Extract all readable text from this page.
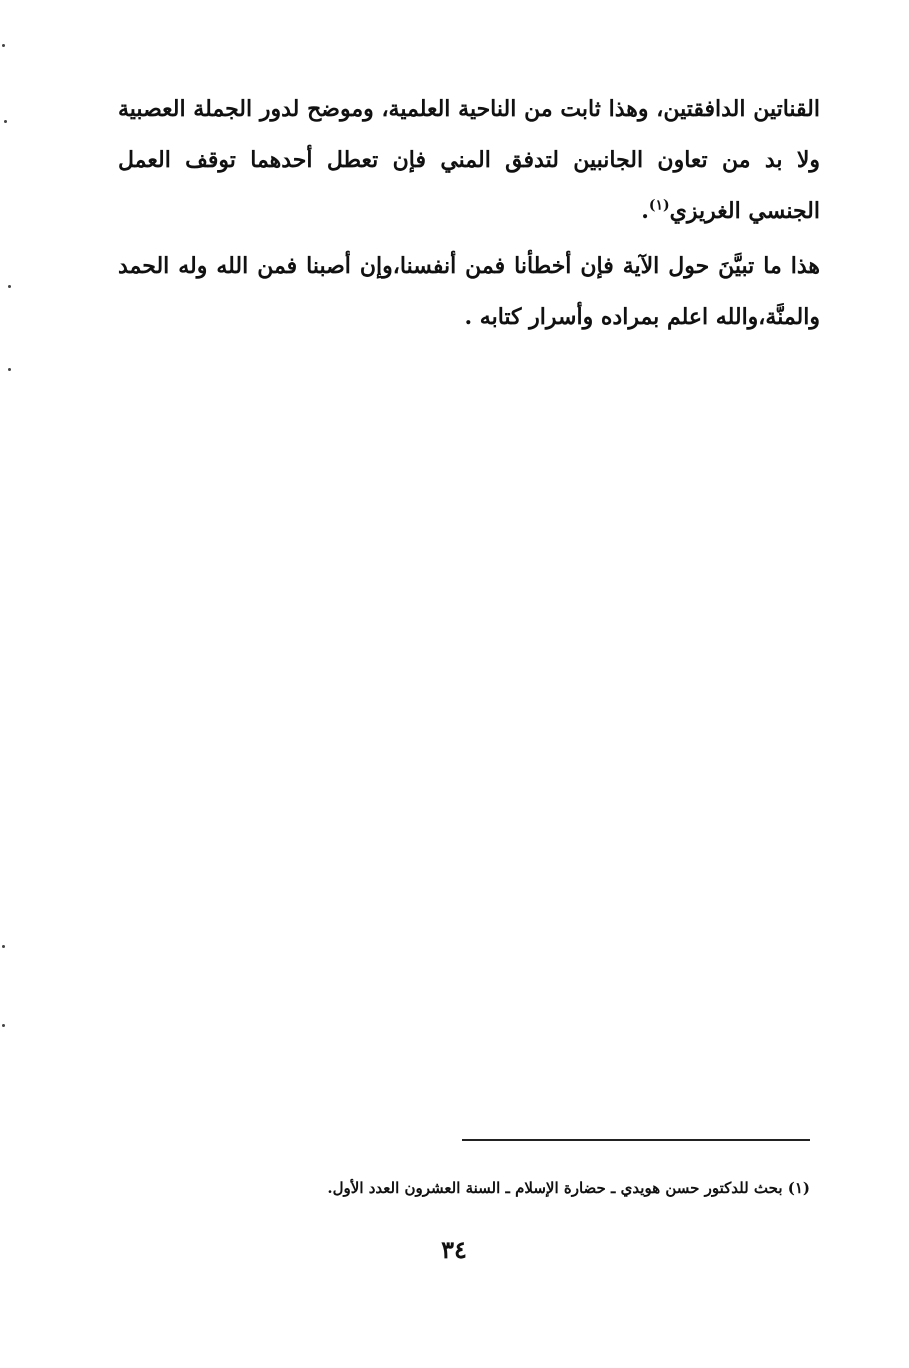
القناتين الدافقتين، وهذا ثابت من الناحية العلمية، وموضح لدور الجملة العصبية ولا بد من تعاون الجانبين لتدفق المني فإن تعطل أحدهما توقف العمل الجنسي الغريزي$^{(١)}$.

هذا ما تبيَّنَ حول الآية فإن أخطأنا فمن أنفسنا،وإن أصبنا فمن الله وله الحمد والمنَّة،والله اعلم بمراده وأسرار كتابه .

(١) بحث للدكتور حسن هويدي ـ حضارة الإسلام ـ السنة العشرون العدد الأول.
٣٤
